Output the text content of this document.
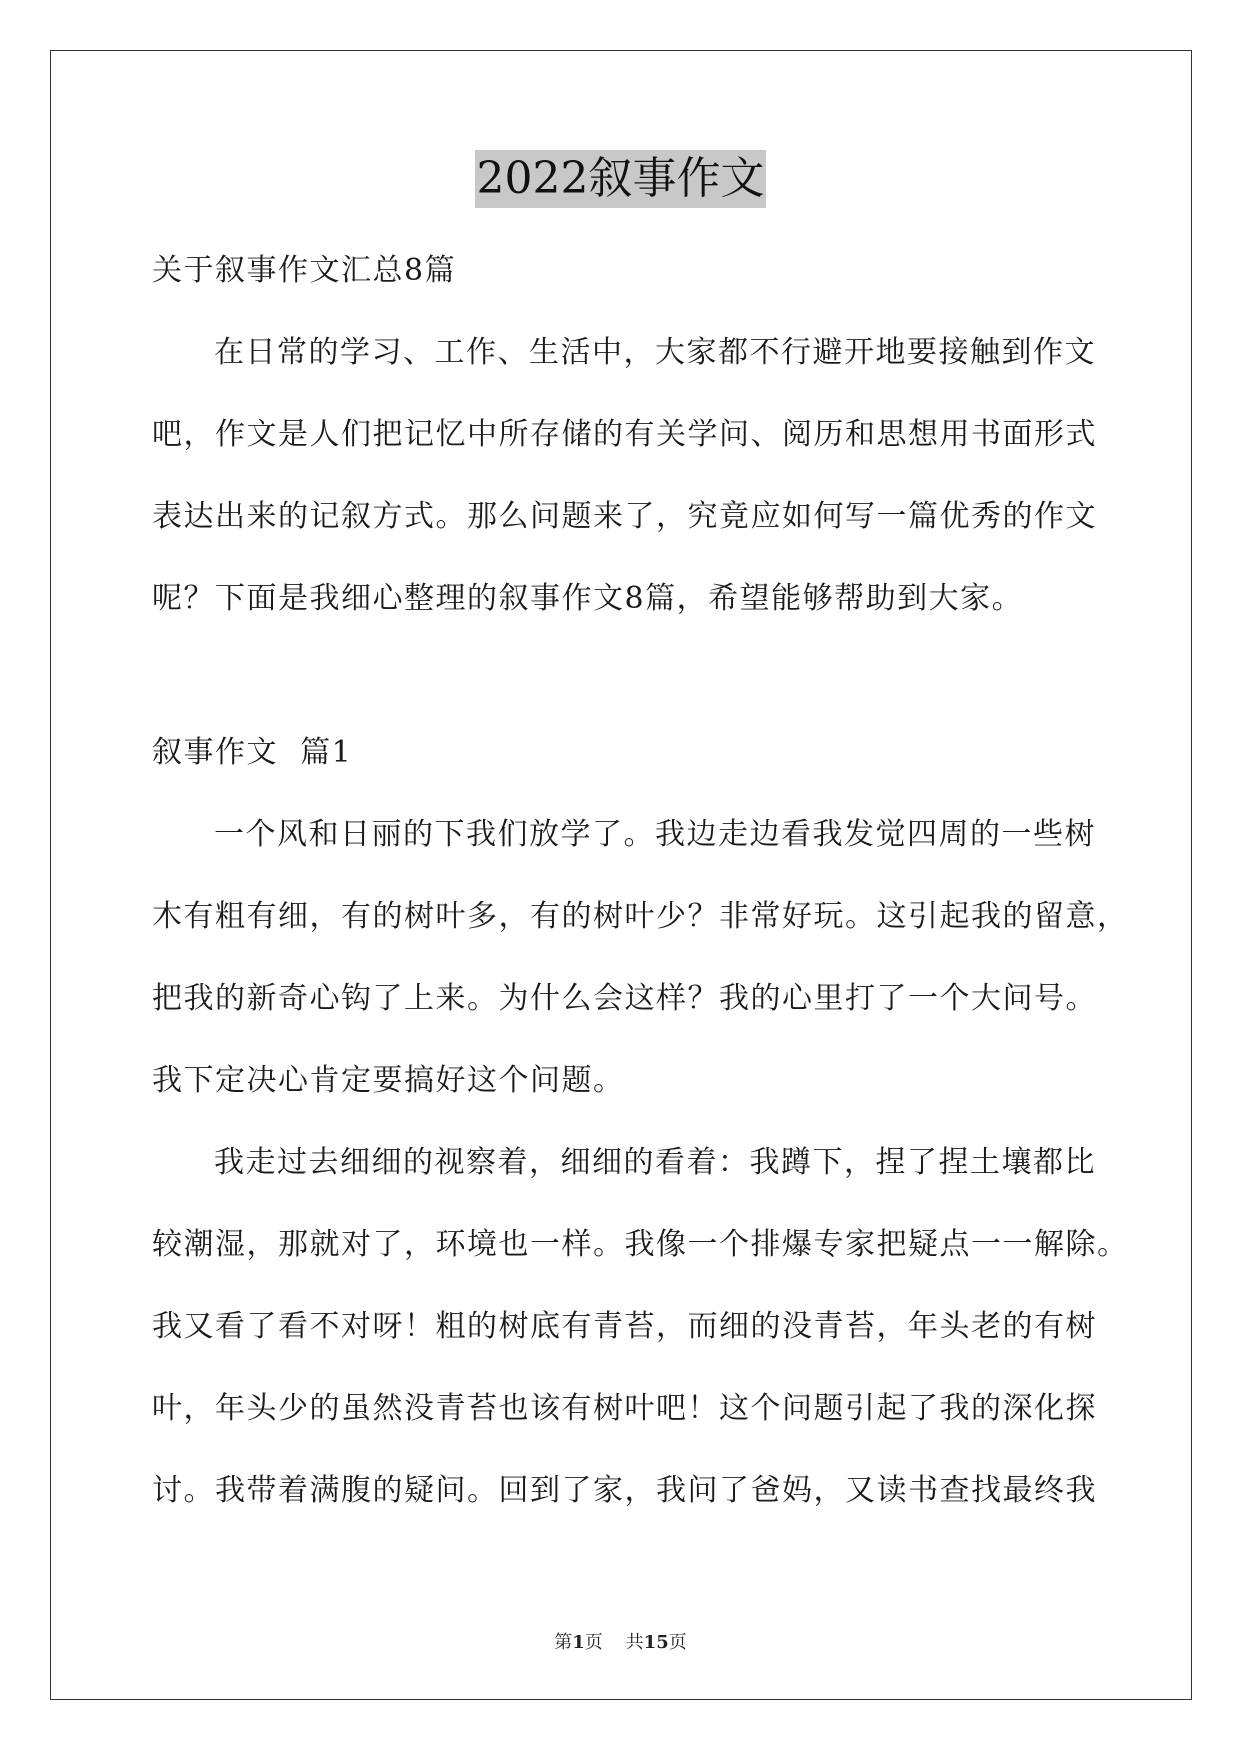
2022叙事作文
关于叙事作文汇总8篇
在日常的学习、工作、生活中，大家都不行避开地要接触到作文
吧，作文是人们把记忆中所存储的有关学问、阅历和思想用书面形式
表达出来的记叙方式。那么问题来了，究竟应如何写一篇优秀的作文
呢？下面是我细心整理的叙事作文8篇，希望能够帮助到大家。
叙事作文  篇1
一个风和日丽的下我们放学了。我边走边看我发觉四周的一些树
木有粗有细，有的树叶多，有的树叶少？非常好玩。这引起我的留意，
把我的新奇心钩了上来。为什么会这样？我的心里打了一个大问号。
我下定决心肯定要搞好这个问题。
我走过去细细的视察着，细细的看着：我蹲下，捏了捏土壤都比
较潮湿，那就对了，环境也一样。我像一个排爆专家把疑点一一解除。
我又看了看不对呀！粗的树底有青苔，而细的没青苔，年头老的有树
叶，年头少的虽然没青苔也该有树叶吧！这个问题引起了我的深化探
讨。我带着满腹的疑问。回到了家，我问了爸妈，又读书查找最终我
第1页 共15页
